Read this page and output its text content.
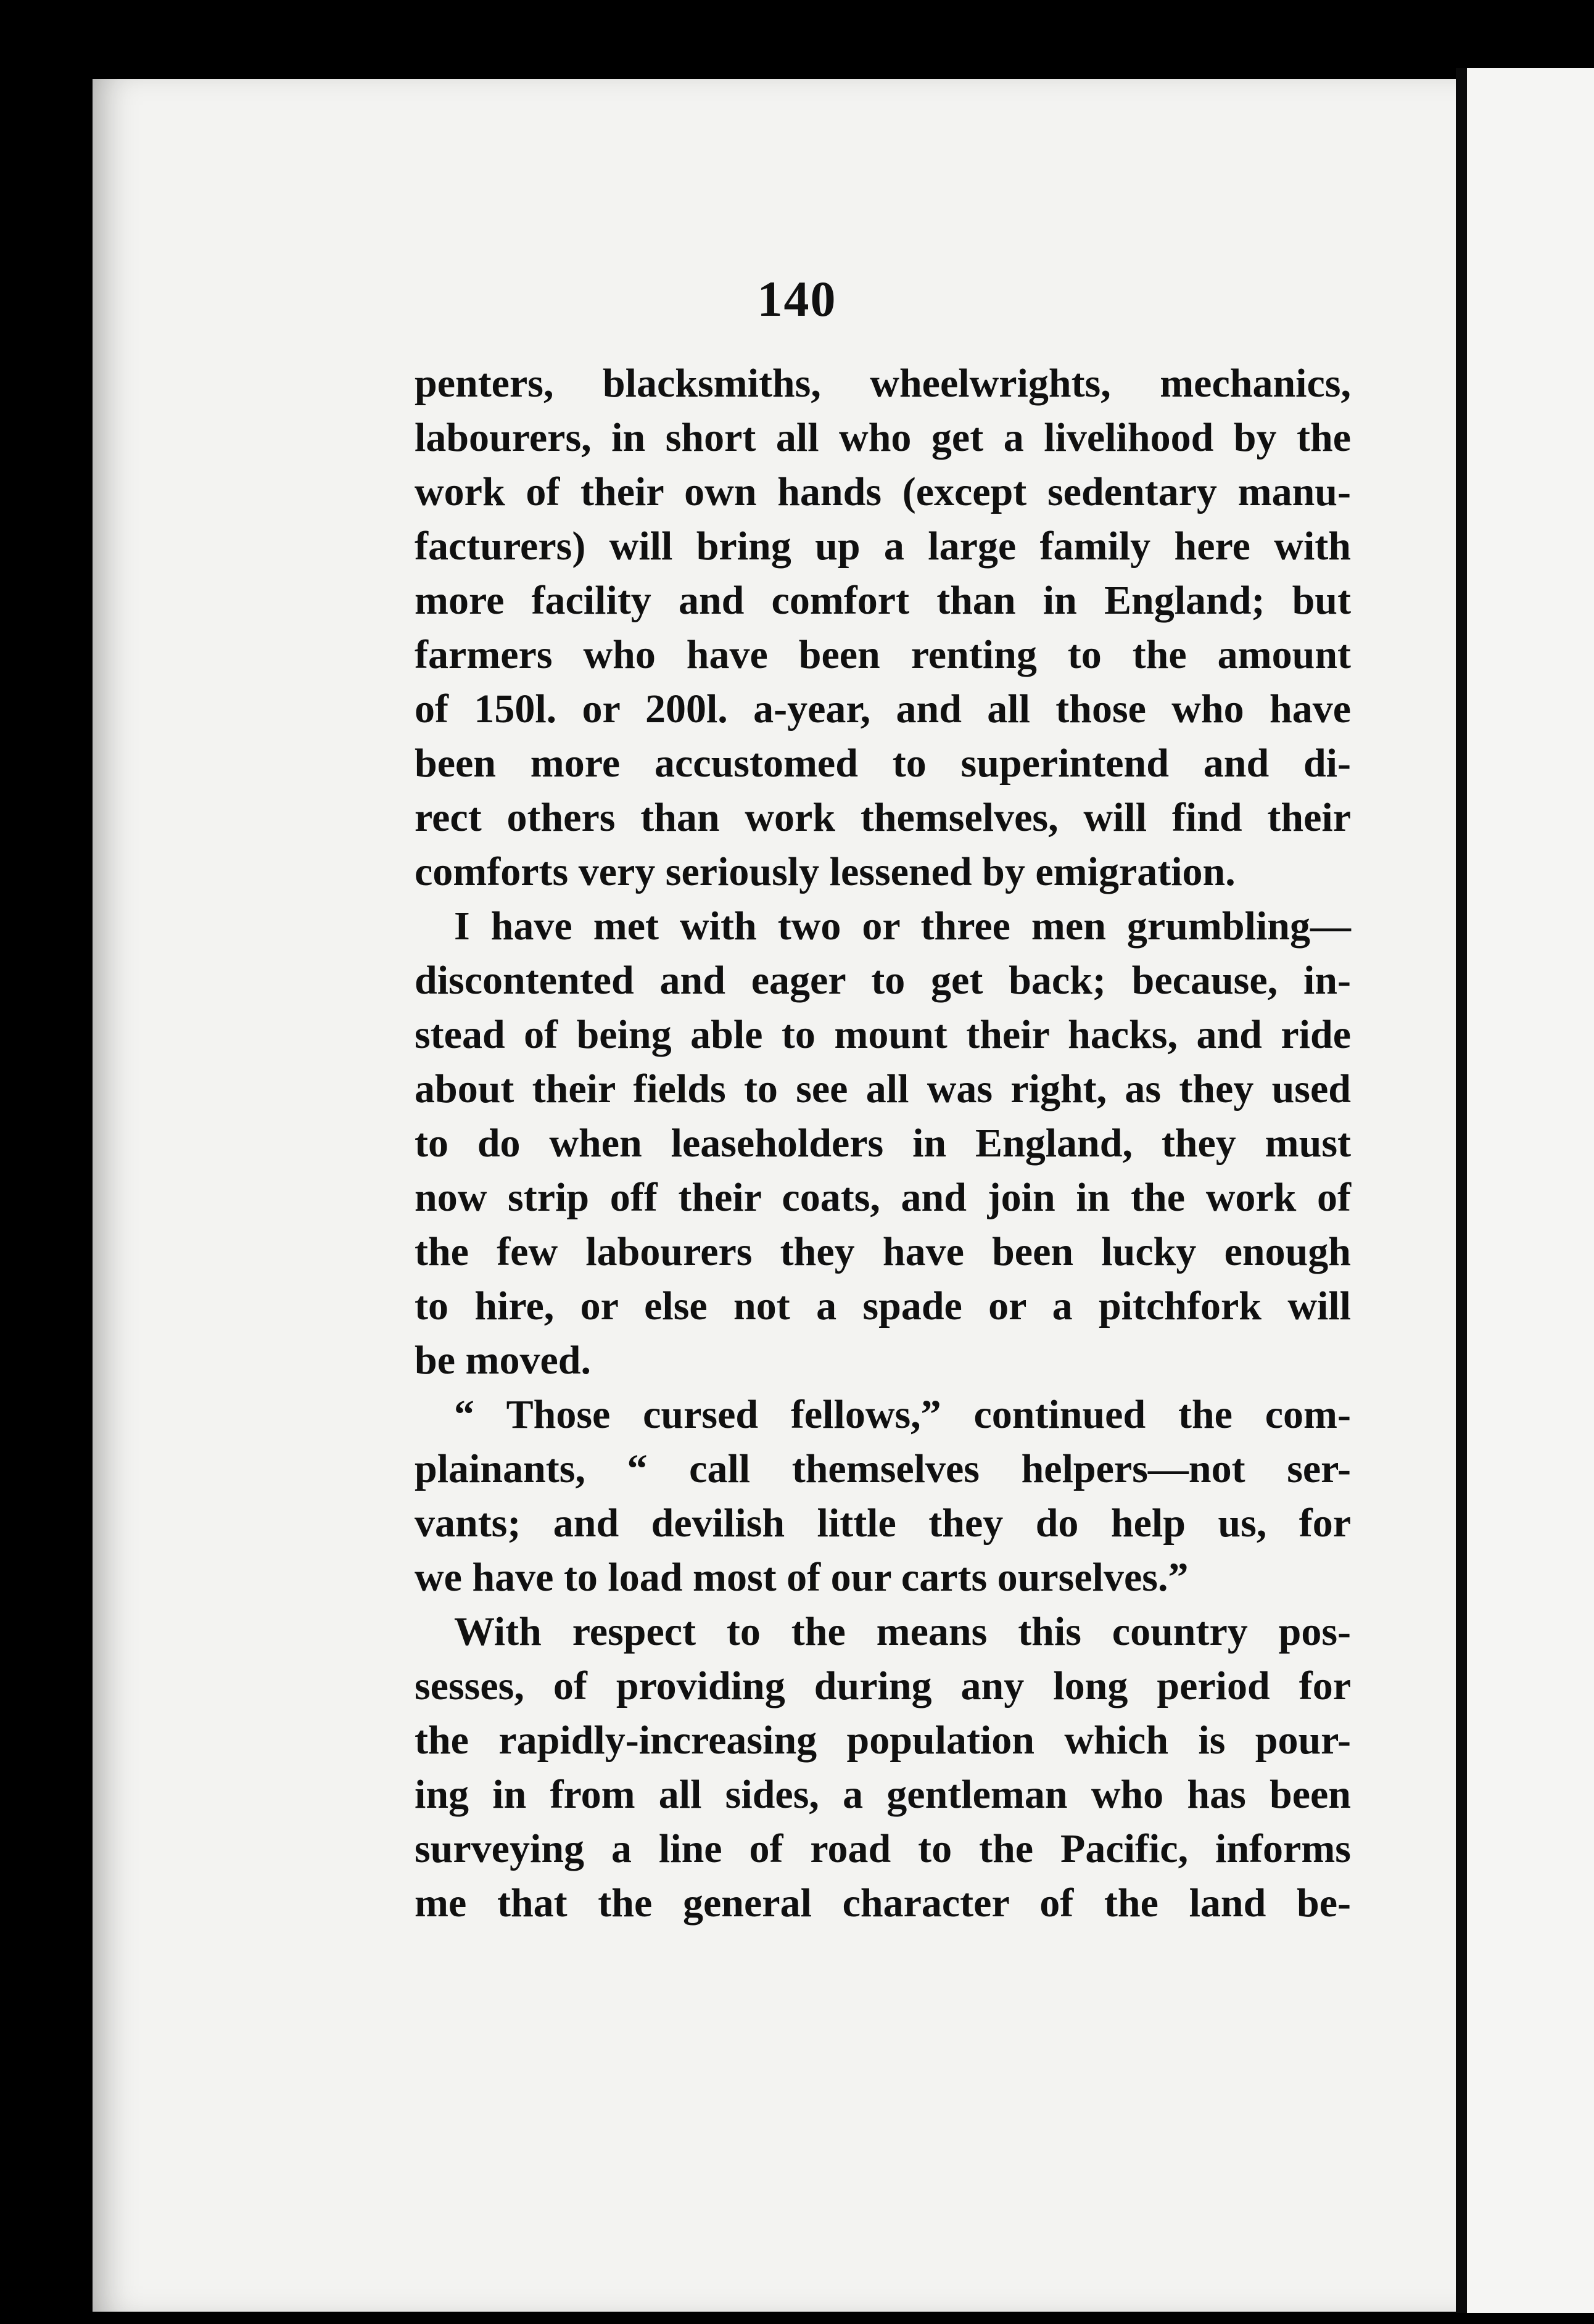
140
penters, blacksmiths, wheelwrights, mechanics,
labourers, in short all who get a livelihood by the
work of their own hands (except sedentary manu-
facturers) will bring up a large family here with
more facility and comfort than in England; but
farmers who have been renting to the amount
of 150l. or 200l. a-year, and all those who have
been more accustomed to superintend and di-
rect others than work themselves, will find their
comforts very seriously lessened by emigration.
I have met with two or three men grumbling—
discontented and eager to get back; because, in-
stead of being able to mount their hacks, and ride
about their fields to see all was right, as they used
to do when leaseholders in England, they must
now strip off their coats, and join in the work of
the few labourers they have been lucky enough
to hire, or else not a spade or a pitchfork will
be moved.
“ Those cursed fellows,” continued the com-
plainants, “ call themselves helpers—not ser-
vants; and devilish little they do help us, for
we have to load most of our carts ourselves.”
With respect to the means this country pos-
sesses, of providing during any long period for
the rapidly-increasing population which is pour-
ing in from all sides, a gentleman who has been
surveying a line of road to the Pacific, informs
me that the general character of the land be-
